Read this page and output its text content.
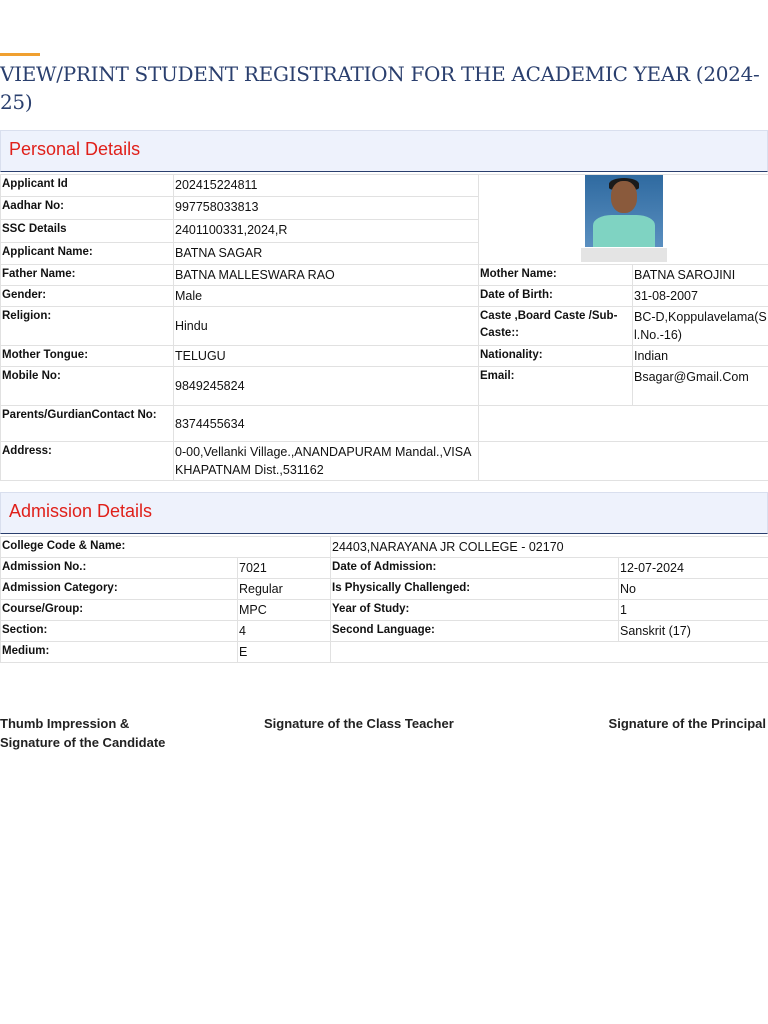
VIEW/PRINT STUDENT REGISTRATION FOR THE ACADEMIC YEAR (2024-25)
Personal Details
Applicant Id	202415224811		

Aadhar No:	997758033813		
SSC Details	2401100331,2024,R		
Applicant Name:	BATNA SAGAR		
Father Name:	BATNA MALLESWARA RAO	Mother Name:	BATNA SAROJINI
Gender:	Male	Date of Birth:	31-08-2007
Religion:	Hindu	Caste ,Board Caste /Sub-Caste::	BC-D,Koppulavelama(Sl.No.-16)
Mother Tongue:	TELUGU	Nationality:	Indian
Mobile No:	9849245824	Email:	Bsagar@Gmail.Com
Parents/GurdianContact No:	8374455634		
Address:	0-00,Vellanki Village.,ANANDAPURAM Mandal.,VISAKHAPATNAM Dist.,531162		
Admission Details
College Code & Name:		24403,NARAYANA JR COLLEGE - 02170	
Admission No.:	7021	Date of Admission:	12-07-2024
Admission Category:	Regular	Is Physically Challenged:	No
Course/Group:	MPC	Year of Study:	1
Section:	4	Second Language:	Sanskrit (17)
Medium:	E		
Thumb Impression &
Signature of the Candidate
Signature of the Class Teacher	Signature of the Principal
